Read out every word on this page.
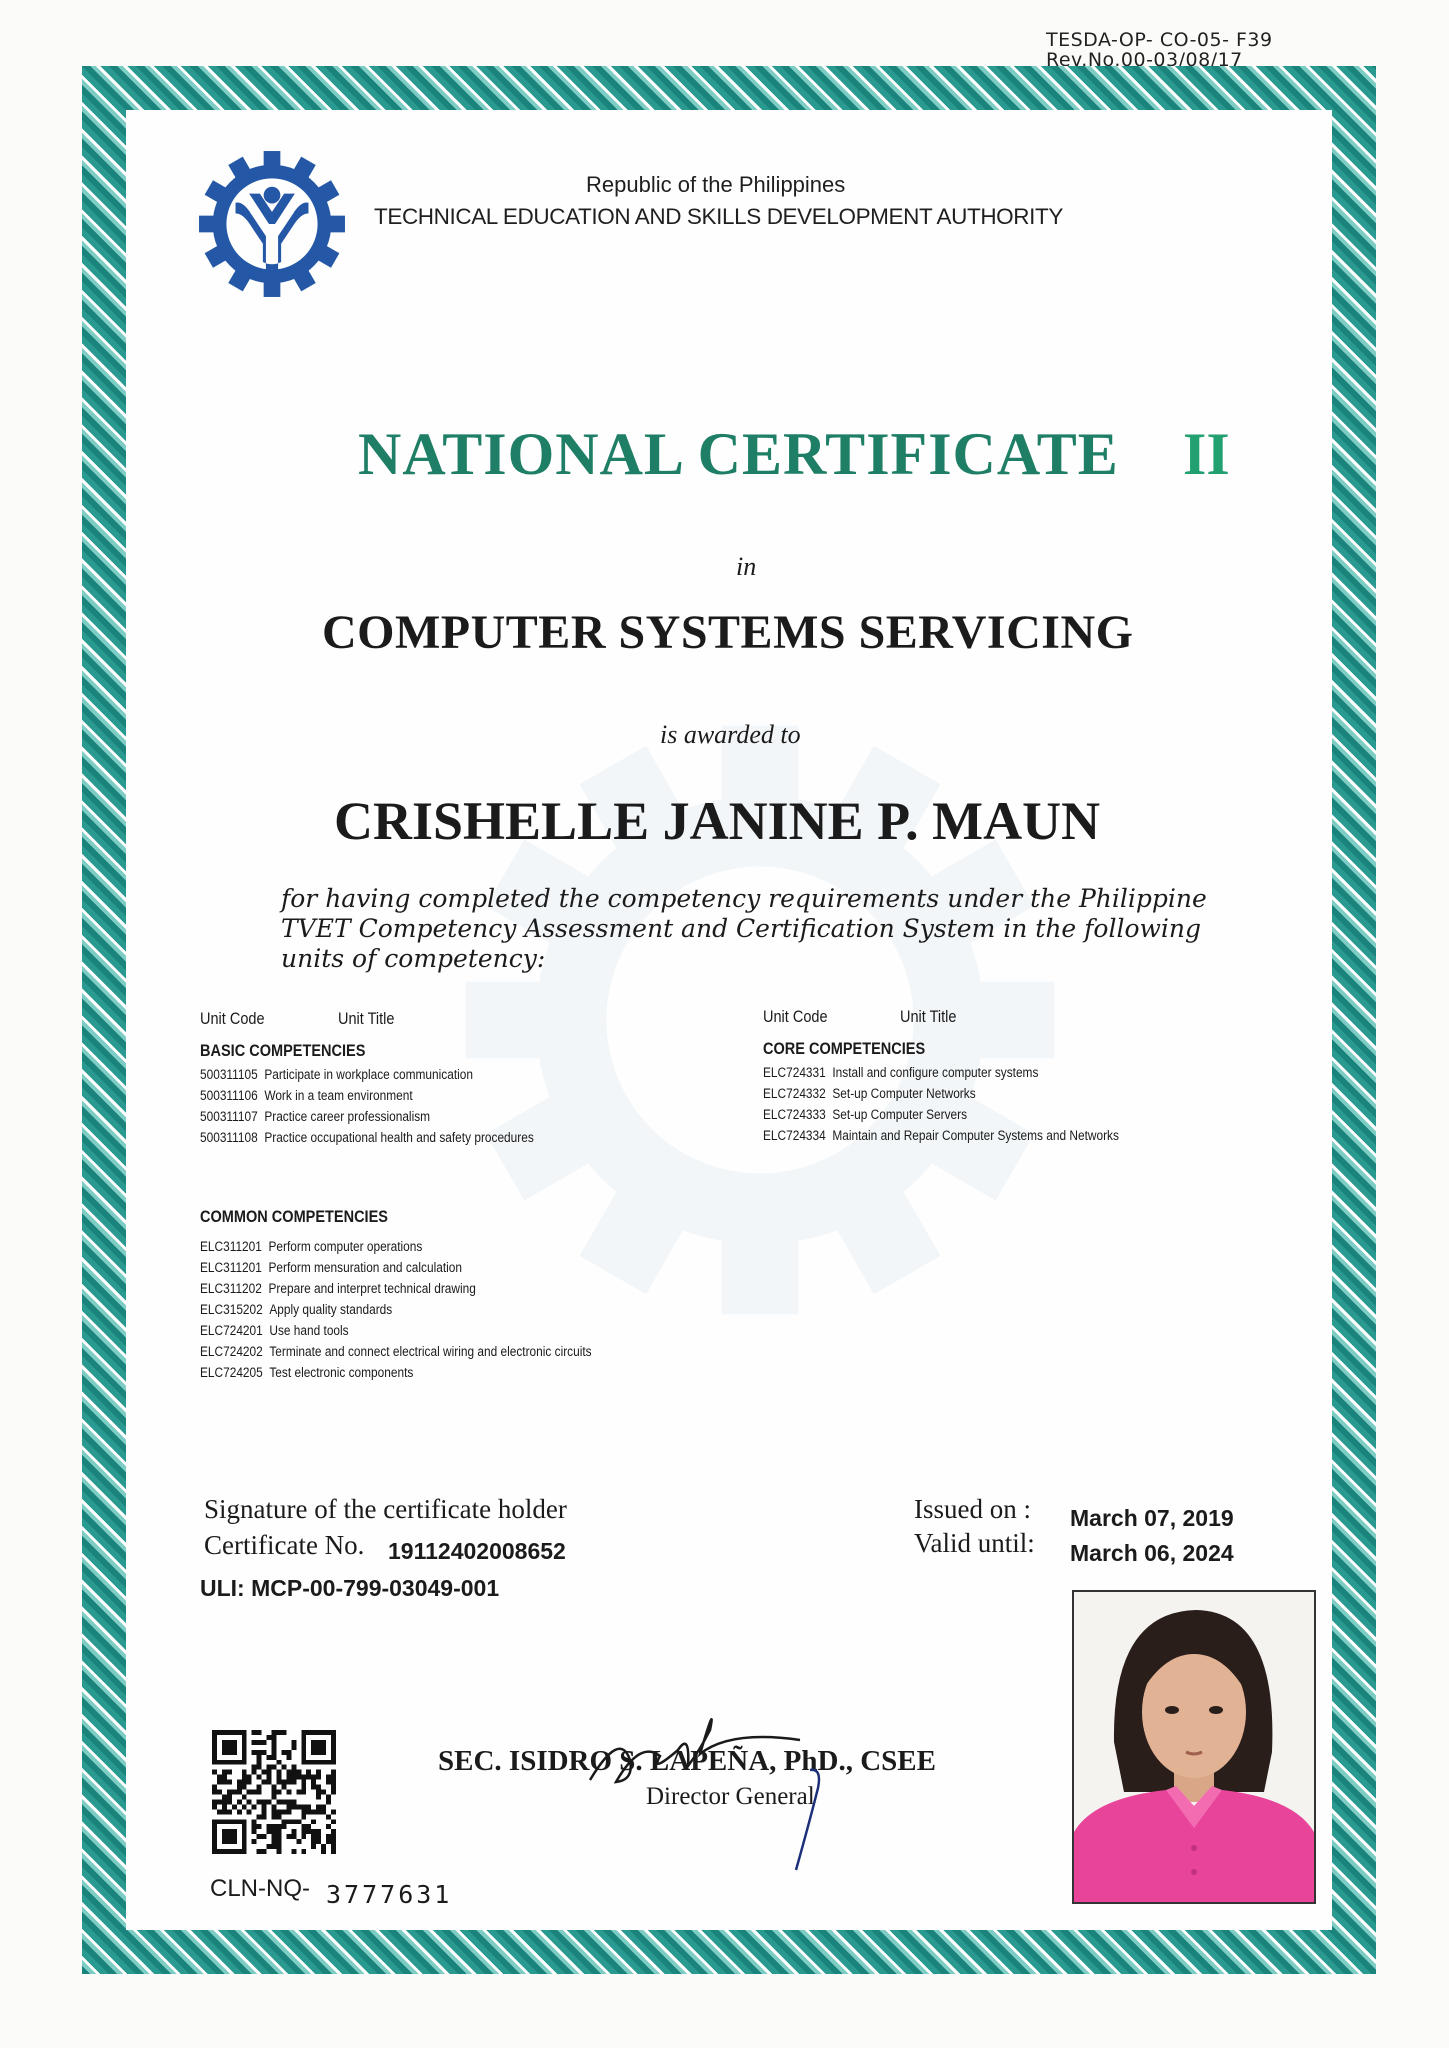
TESDA-OP- CO-05- F39
Rev.No.00-03/08/17
Republic of the Philippines
TECHNICAL EDUCATION AND SKILLS DEVELOPMENT AUTHORITY
NATIONAL CERTIFICATE II
in
COMPUTER SYSTEMS SERVICING
is awarded to
CRISHELLE JANINE P. MAUN
for having completed the competency requirements under the Philippine
TVET Competency Assessment and Certification System in the following
units of competency:
Unit Code	Unit Title	Unit Code	Unit Title
BASIC COMPETENCIES
500311105 Participate in workplace communication
500311106 Work in a team environment
500311107 Practice career professionalism
500311108 Practice occupational health and safety procedures
CORE COMPETENCIES
ELC724331 Install and configure computer systems
ELC724332 Set-up Computer Networks
ELC724333 Set-up Computer Servers
ELC724334 Maintain and Repair Computer Systems and Networks
COMMON COMPETENCIES
ELC311201 Perform computer operations
ELC311201 Perform mensuration and calculation
ELC311202 Prepare and interpret technical drawing
ELC315202 Apply quality standards
ELC724201 Use hand tools
ELC724202 Terminate and connect electrical wiring and electronic circuits
ELC724205 Test electronic components
Signature of the certificate holder
Certificate No. 19112402008652
ULI: MCP-00-799-03049-001
Issued on : March 07, 2019
Valid until: March 06, 2024
CLN-NQ- 3777631
SEC. ISIDRO S. LAPEÑA, PhD., CSEE
Director General
